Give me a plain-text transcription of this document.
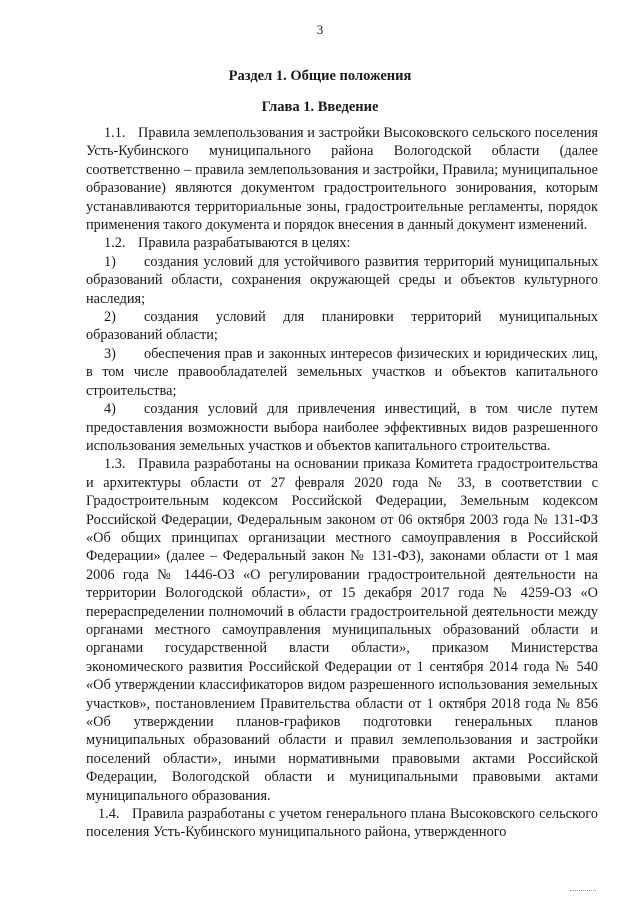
3
Раздел 1. Общие положения
Глава 1. Введение

1.1. Правила землепользования и застройки Высоковского сельского поселения Усть-Кубинского муниципального района Вологодской области (далее соответственно – правила землепользования и застройки, Правила; муниципальное образование) являются документом градостроительного зонирования, которым устанавливаются территориальные зоны, градостроительные регламенты, порядок применения такого документа и порядок внесения в данный документ изменений.

1.2. Правила разрабатываются в целях:

1) создания условий для устойчивого развития территорий муниципальных образований области, сохранения окружающей среды и объектов культурного наследия;

2) создания условий для планировки территорий муниципальных образований области;

3) обеспечения прав и законных интересов физических и юридических лиц, в том числе правообладателей земельных участков и объектов капитального строительства;

4) создания условий для привлечения инвестиций, в том числе путем предоставления возможности выбора наиболее эффективных видов разрешенного использования земельных участков и объектов капитального строительства.

1.3. Правила разработаны на основании приказа Комитета градостроительства и архитектуры области от 27 февраля 2020 года № 33, в соответствии с Градостроительным кодексом Российской Федерации, Земельным кодексом Российской Федерации, Федеральным законом от 06 октября 2003 года № 131-ФЗ «Об общих принципах организации местного самоуправления в Российской Федерации» (далее – Федеральный закон № 131-ФЗ), законами области от 1 мая 2006 года № 1446-ОЗ «О регулировании градостроительной деятельности на территории Вологодской области», от 15 декабря 2017 года № 4259-ОЗ «О перераспределении полномочий в области градостроительной деятельности между органами местного самоуправления муниципальных образований области и органами государственной власти области», приказом Министерства экономического развития Российской Федерации от 1 сентября 2014 года № 540 «Об утверждении классификаторов видом разрешенного использования земельных участков», постановлением Правительства области от 1 октября 2018 года № 856 «Об утверждении планов-графиков подготовки генеральных планов муниципальных образований области и правил землепользования и застройки поселений области», иными нормативными правовыми актами Российской Федерации, Вологодской области и муниципальными правовыми актами муниципального образования.

1.4. Правила разработаны с учетом генерального плана Высоковского сельского поселения Усть-Кубинского муниципального района, утвержденного
